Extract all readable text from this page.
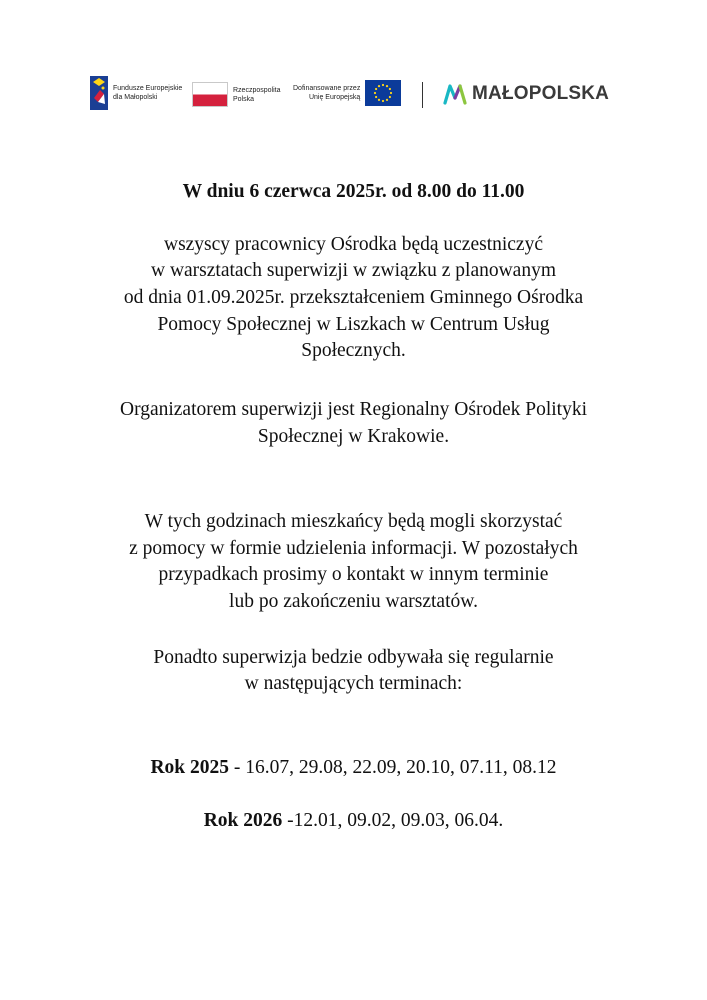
Fundusze Europejskie
dla Małopolski
Rzeczpospolita
Polska
Dofinansowane przez
Unię Europejską	MAŁOPOLSKA
W dniu 6 czerwca 2025r. od 8.00 do 11.00
wszyscy pracownicy Ośrodka będą uczestniczyć
w warsztatach superwizji w związku z planowanym
od dnia 01.09.2025r. przekształceniem Gminnego Ośrodka
Pomocy Społecznej w Liszkach w Centrum Usług
Społecznych.
Organizatorem superwizji jest Regionalny Ośrodek Polityki
Społecznej w Krakowie.
W tych godzinach mieszkańcy będą mogli skorzystać
z pomocy w formie udzielenia informacji. W pozostałych
przypadkach prosimy o kontakt w innym terminie
lub po zakończeniu warsztatów.
Ponadto superwizja bedzie odbywała się regularnie
w następujących terminach:
Rok 2025 - 16.07, 29.08, 22.09, 20.10, 07.11, 08.12
Rok 2026 -12.01, 09.02, 09.03, 06.04.
